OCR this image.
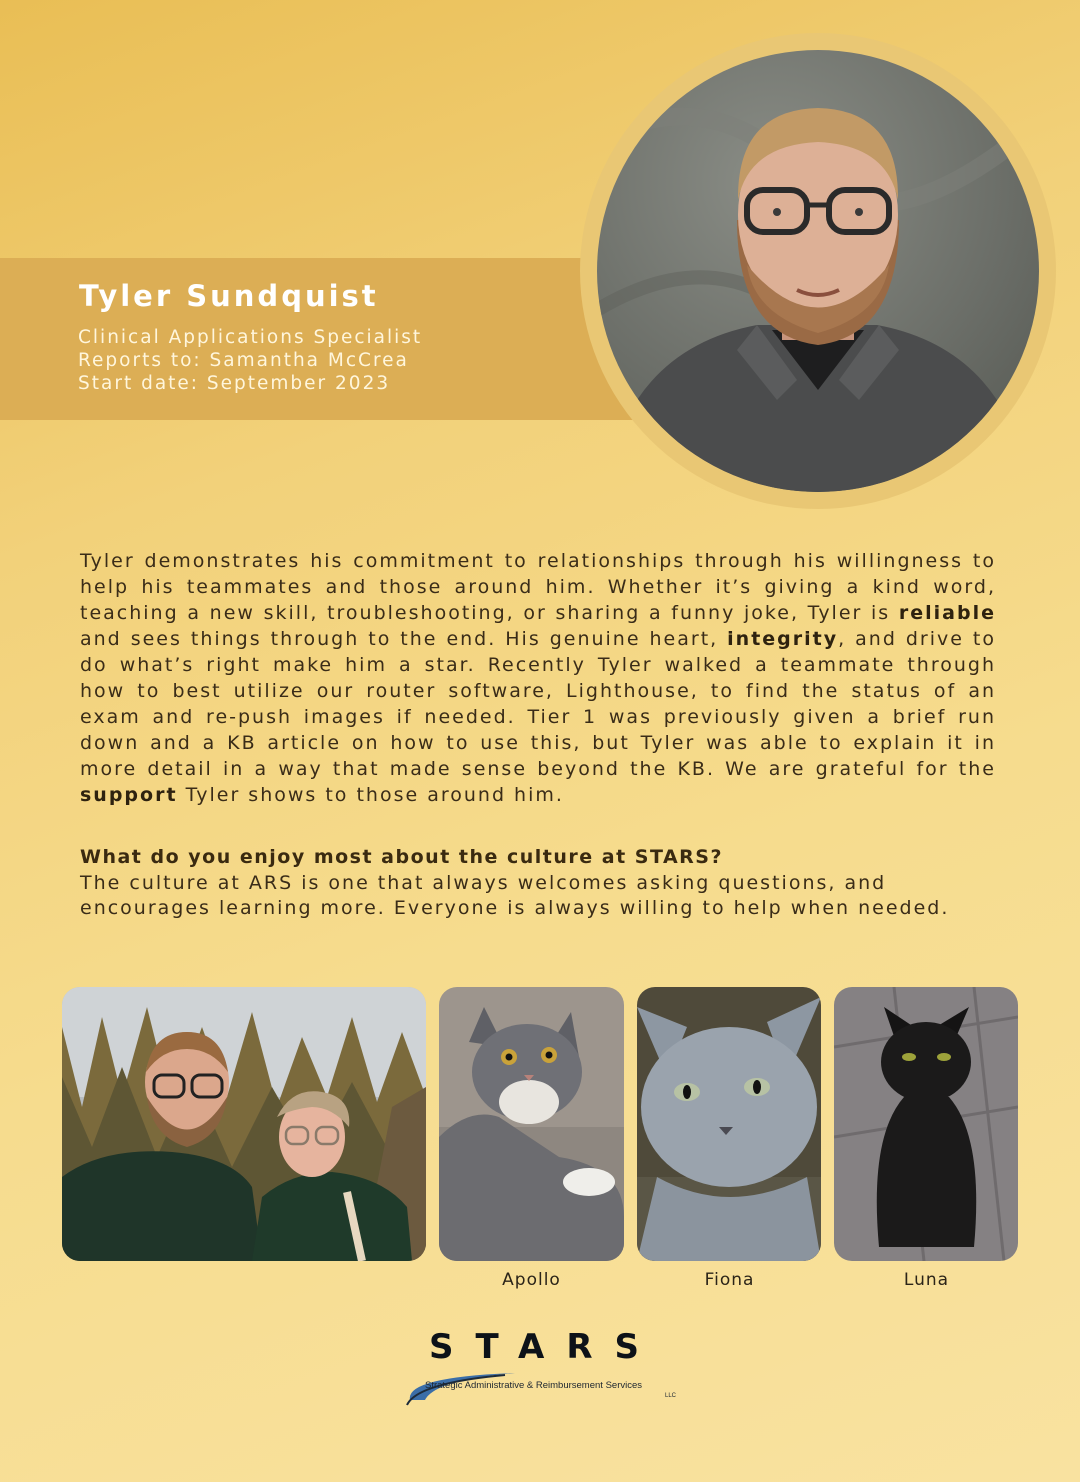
Tyler Sundquist
Clinical Applications Specialist
Reports to: Samantha McCrea
Start date: September 2023

Tyler demonstrates his commitment to relationships through his willingness to help his teammates and those around him. Whether it’s giving a kind word, teaching a new skill, troubleshooting, or sharing a funny joke, Tyler is reliable and sees things through to the end. His genuine heart, integrity, and drive to do what’s right make him a star. Recently Tyler walked a teammate through how to best utilize our router software, Lighthouse, to find the status of an exam and re-push images if needed. Tier 1 was previously given a brief run down and a KB article on how to use this, but Tyler was able to explain it in more detail in a way that made sense beyond the KB. We are grateful for the support Tyler shows to those around him.

What do you enjoy most about the culture at STARS?

The culture at ARS is one that always welcomes asking questions, and encourages learning more. Everyone is always willing to help when needed.

Apollo	Fiona	Luna

STARS
Strategic Administrative & Reimbursement Services
LLC
